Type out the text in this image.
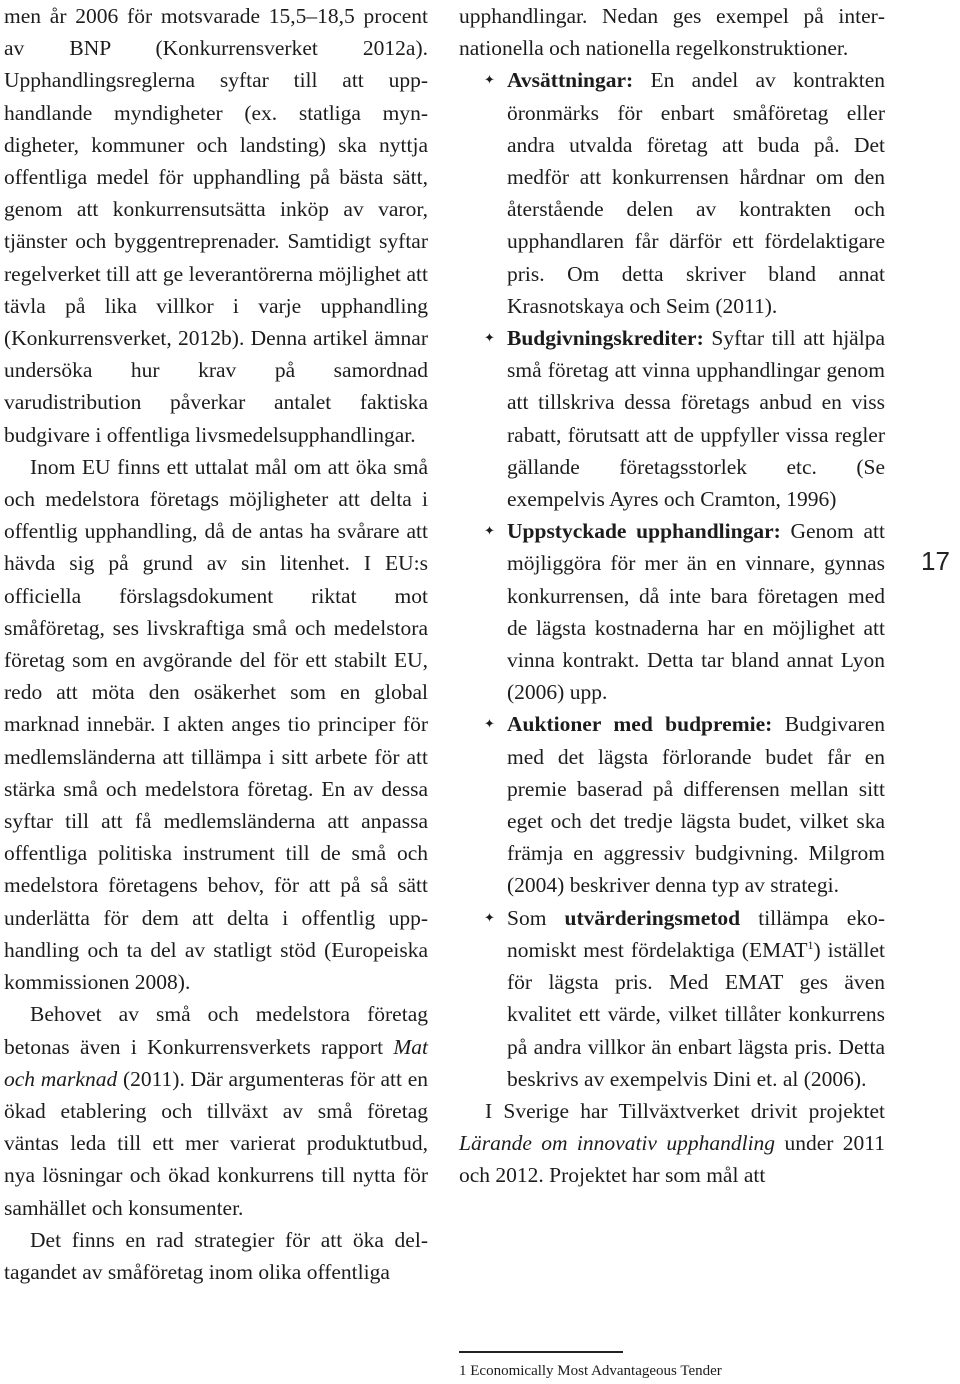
men år 2006 för motsvarade 15,5–18,5 procent av BNP (Konkurrensverket 2012a). Upphandlingsreglerna syftar till att upphandlande myndigheter (ex. statliga myndigheter, kommuner och landsting) ska nyttja offentliga medel för upphandling på bästa sätt, genom att konkurrensutsätta inköp av varor, tjänster och byggentreprenader. Samtidigt syftar regelverket till att ge leverantörerna möjlighet att tävla på lika villkor i varje upphandling (Konkurrensverket, 2012b). Denna artikel ämnar undersöka hur krav på samordnad varudistribution påverkar antalet faktiska budgivare i offentliga livsmedelsupphandlingar.

Inom EU finns ett uttalat mål om att öka små och medelstora företags möjligheter att delta i offentlig upphandling, då de antas ha svårare att hävda sig på grund av sin litenhet. I EU:s officiella förslagsdokument riktat mot småföretag, ses livskraftiga små och medelstora företag som en avgörande del för ett stabilt EU, redo att möta den osäkerhet som en global marknad innebär. I akten anges tio principer för medlemsländerna att tillämpa i sitt arbete för att stärka små och medelstora företag. En av dessa syftar till att få medlemsländerna att anpassa offentliga politiska instrument till de små och medelstora företagens behov, för att på så sätt underlätta för dem att delta i offentlig upphandling och ta del av statligt stöd (Europeiska kommissionen 2008).

Behovet av små och medelstora företag betonas även i Konkurrensverkets rapport Mat och marknad (2011). Där argumenteras för att en ökad etablering och tillväxt av små företag väntas leda till ett mer varierat produktutbud, nya lösningar och ökad konkurrens till nytta för samhället och konsumenter.

Det finns en rad strategier för att öka deltagandet av småföretag inom olika offentliga

upphandlingar. Nedan ges exempel på internationella och nationella regelkonstruktioner.

✦ Avsättningar: En andel av kontrakten öronmärks för enbart småföretag eller andra utvalda företag att buda på. Det medför att konkurrensen hårdnar om den återstående delen av kontrakten och upphandlaren får därför ett fördelaktigare pris. Om detta skriver bland annat Krasnotskaya och Seim (2011).
✦ Budgivningskrediter: Syftar till att hjälpa små företag att vinna upphandlingar genom att tillskriva dessa företags anbud en viss rabatt, förutsatt att de uppfyller vissa regler gällande företagsstorlek etc. (Se exempelvis Ayres och Cramton, 1996)
✦ Uppstyckade upphandlingar: Genom att möjliggöra för mer än en vinnare, gynnas konkurrensen, då inte bara företagen med de lägsta kostnaderna har en möjlighet att vinna kontrakt. Detta tar bland annat Lyon (2006) upp.
✦ Auktioner med budpremie: Budgivaren med det lägsta förlorande budet får en premie baserad på differensen mellan sitt eget och det tredje lägsta budet, vilket ska främja en aggressiv budgivning. Milgrom (2004) beskriver denna typ av strategi.
✦ Som utvärderingsmetod tillämpa ekonomiskt mest fördelaktiga (EMAT$^1$) istället för lägsta pris. Med EMAT ges även kvalitet ett värde, vilket tillåter konkurrens på andra villkor än enbart lägsta pris. Detta beskrivs av exempelvis Dini et. al (2006).

I Sverige har Tillväxtverket drivit projektet Lärande om innovativ upphandling under 2011 och 2012. Projektet har som mål att

17
1 Economically Most Advantageous Tender
